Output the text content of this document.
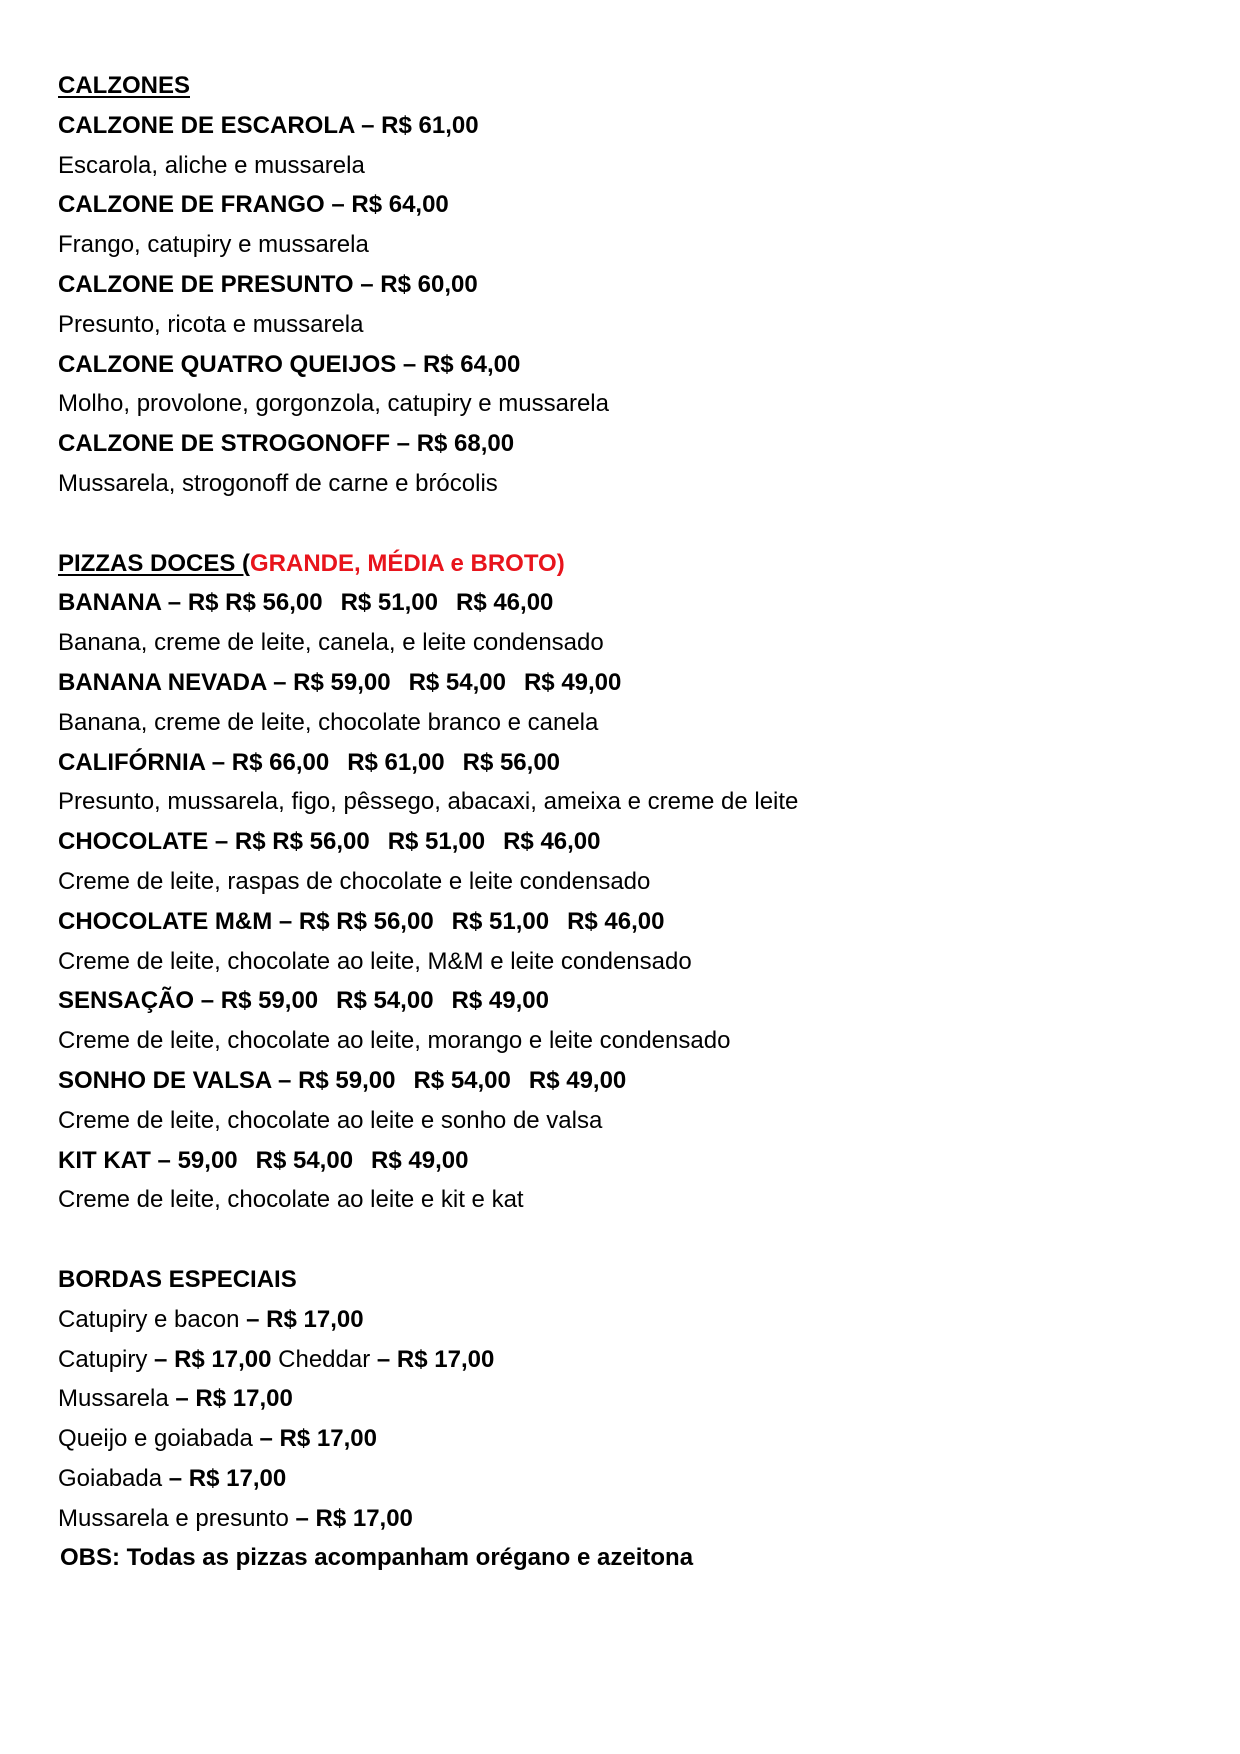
CALZONES
CALZONE DE ESCAROLA – R$ 61,00
Escarola, aliche e mussarela
CALZONE DE FRANGO – R$ 64,00
Frango, catupiry e mussarela
CALZONE DE PRESUNTO – R$ 60,00
Presunto, ricota e mussarela
CALZONE QUATRO QUEIJOS – R$ 64,00
Molho, provolone, gorgonzola, catupiry e mussarela
CALZONE DE STROGONOFF – R$ 68,00
Mussarela, strogonoff de carne e brócolis
PIZZAS DOCES (GRANDE, MÉDIA e BROTO)
BANANA – R$ R$ 56,00 R$ 51,00 R$ 46,00
Banana, creme de leite, canela, e leite condensado
BANANA NEVADA – R$ 59,00 R$ 54,00 R$ 49,00
Banana, creme de leite, chocolate branco e canela
CALIFÓRNIA – R$ 66,00 R$ 61,00 R$ 56,00
Presunto, mussarela, figo, pêssego, abacaxi, ameixa e creme de leite
CHOCOLATE – R$ R$ 56,00 R$ 51,00 R$ 46,00
Creme de leite, raspas de chocolate e leite condensado
CHOCOLATE M&M – R$ R$ 56,00 R$ 51,00 R$ 46,00
Creme de leite, chocolate ao leite, M&M e leite condensado
SENSAÇÃO – R$ 59,00 R$ 54,00 R$ 49,00
Creme de leite, chocolate ao leite, morango e leite condensado
SONHO DE VALSA – R$ 59,00 R$ 54,00 R$ 49,00
Creme de leite, chocolate ao leite e sonho de valsa
KIT KAT – 59,00 R$ 54,00 R$ 49,00
Creme de leite, chocolate ao leite e kit e kat
BORDAS ESPECIAIS
Catupiry e bacon – R$ 17,00
Catupiry – R$ 17,00 Cheddar – R$ 17,00
Mussarela – R$ 17,00
Queijo e goiabada – R$ 17,00
Goiabada – R$ 17,00
Mussarela e presunto – R$ 17,00
OBS: Todas as pizzas acompanham orégano e azeitona
